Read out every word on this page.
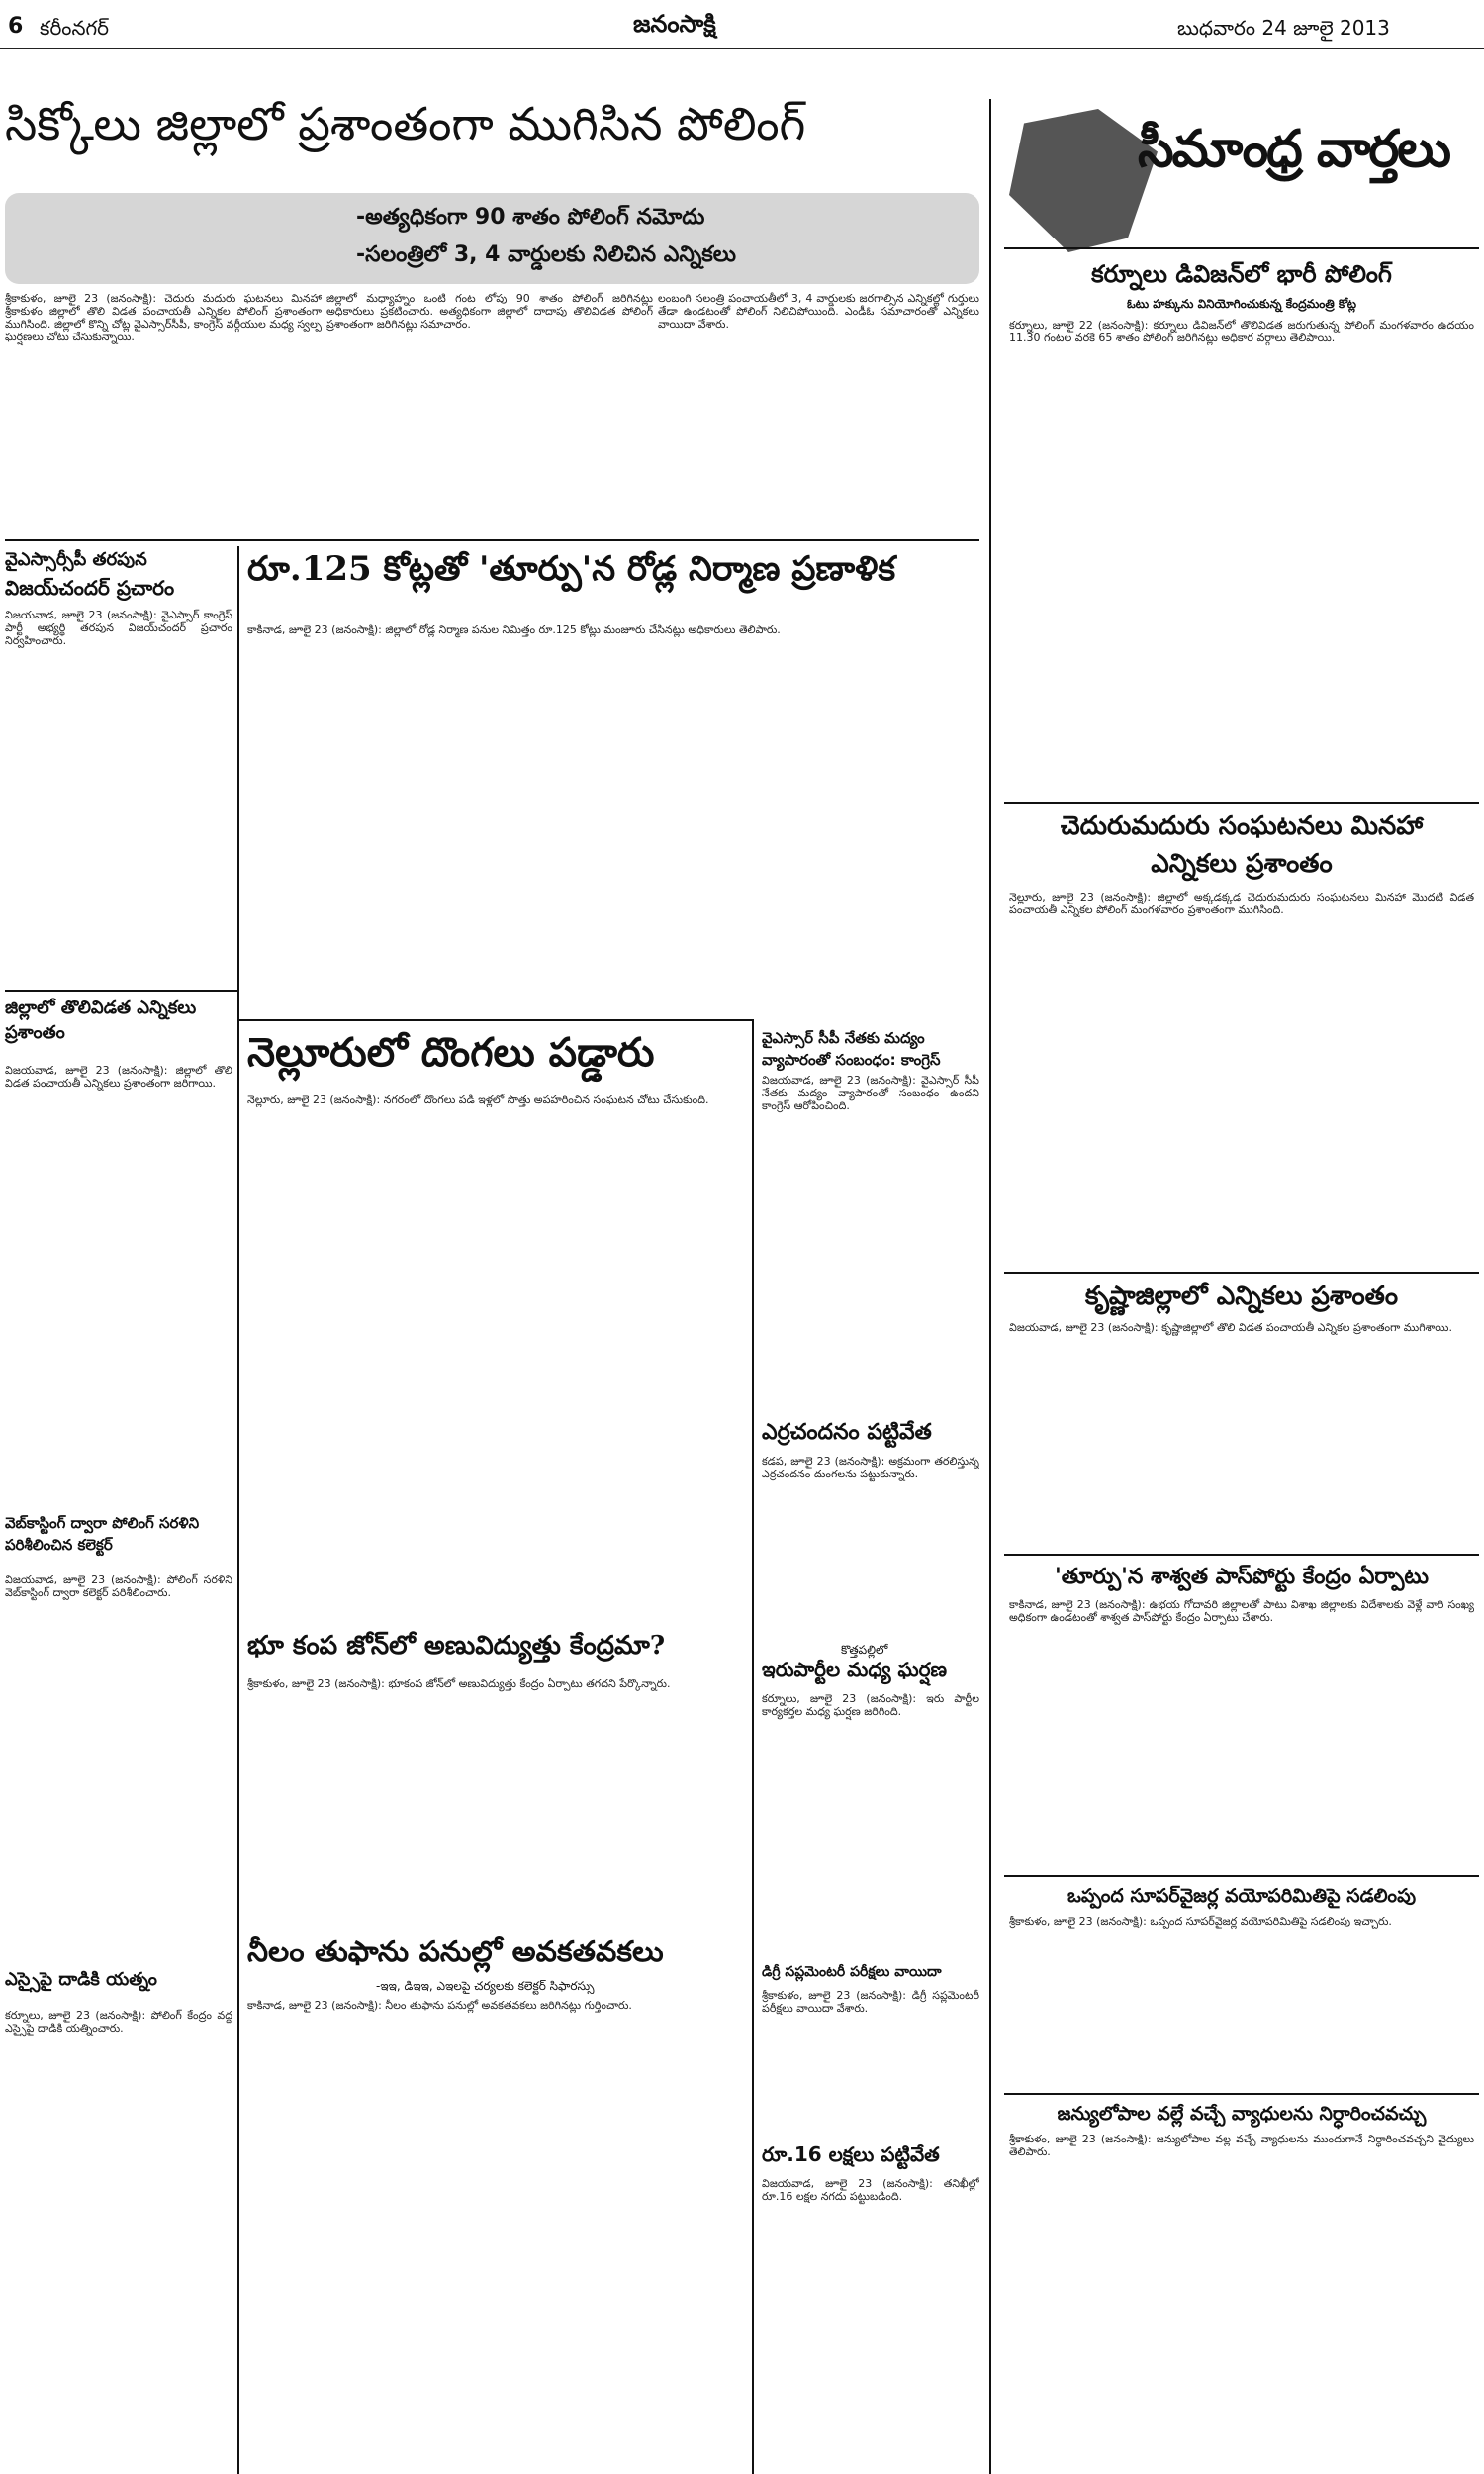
6 కరీంనగర్	జనంసాక్షి	బుధవారం 24 జూలై 2013
సిక్కోలు జిల్లాలో ప్రశాంతంగా ముగిసిన పోలింగ్
-అత్యధికంగా 90 శాతం పోలింగ్ నమోదు
-సలంత్రిలో 3, 4 వార్డులకు నిలిచిన ఎన్నికలు
శ్రీకాకుళం, జూలై 23 (జనంసాక్షి): చెదురు మదురు ఘటనలు మినహా శ్రీకాకుళం జిల్లాలో తొలి విడత పంచాయతీ ఎన్నికల పోలింగ్ ప్రశాంతంగా ముగిసింది. జిల్లాలో కొన్ని చోట్ల వైఎస్సార్‌సీపీ, కాంగ్రెస్ వర్గీయుల మధ్య స్వల్ప ఘర్షణలు చోటు చేసుకున్నాయి.
జిల్లాలో మధ్యాహ్నం ఒంటి గంట లోపు 90 శాతం పోలింగ్ జరిగినట్లు అధికారులు ప్రకటించారు. అత్యధికంగా జిల్లాలో దాదాపు తొలివిడత పోలింగ్ ప్రశాంతంగా జరిగినట్లు సమాచారం.
లంబంగి సలంత్రి పంచాయతీలో 3, 4 వార్డులకు జరగాల్సిన ఎన్నికల్లో గుర్తులు తేడా ఉండటంతో పోలింగ్ నిలిచిపోయింది. ఎండీఓ సమాచారంతో ఎన్నికలు వాయిదా వేశారు.
వైఎస్సార్సీపీ తరపున
విజయ్‌చందర్ ప్రచారం
విజయవాడ, జూలై 23 (జనంసాక్షి): వైఎస్సార్ కాంగ్రెస్ పార్టీ అభ్యర్థి తరపున విజయ్‌చందర్ ప్రచారం నిర్వహించారు.
రూ.125 కోట్లతో 'తూర్పు'న రోడ్ల నిర్మాణ ప్రణాళిక
కాకినాడ, జూలై 23 (జనంసాక్షి): జిల్లాలో రోడ్ల నిర్మాణ పనుల నిమిత్తం రూ.125 కోట్లు మంజూరు చేసినట్లు అధికారులు తెలిపారు.
జిల్లాలో తొలివిడత ఎన్నికలు ప్రశాంతం
విజయవాడ, జూలై 23 (జనంసాక్షి): జిల్లాలో తొలి విడత పంచాయతీ ఎన్నికలు ప్రశాంతంగా జరిగాయి.
వెబ్‌కాస్టింగ్ ద్వారా పోలింగ్ సరళిని పరిశీలించిన కలెక్టర్
విజయవాడ, జూలై 23 (జనంసాక్షి): పోలింగ్ సరళిని వెబ్‌కాస్టింగ్ ద్వారా కలెక్టర్ పరిశీలించారు.
ఎస్సైపై దాడికి యత్నం
కర్నూలు, జూలై 23 (జనంసాక్షి): పోలింగ్ కేంద్రం వద్ద ఎస్సైపై దాడికి యత్నించారు.
నెల్లూరులో దొంగలు పడ్డారు
నెల్లూరు, జూలై 23 (జనంసాక్షి): నగరంలో దొంగలు పడి ఇళ్లలో సొత్తు అపహరించిన సంఘటన చోటు చేసుకుంది.
భూ కంప జోన్‌లో అణువిద్యుత్తు కేంద్రమా?
శ్రీకాకుళం, జూలై 23 (జనంసాక్షి): భూకంప జోన్‌లో అణువిద్యుత్తు కేంద్రం ఏర్పాటు తగదని పేర్కొన్నారు.
నీలం తుఫాను పనుల్లో అవకతవకలు
-ఇఇ, డిఇఇ, ఎఇలపై చర్యలకు కలెక్టర్ సిఫారస్సు
కాకినాడ, జూలై 23 (జనంసాక్షి): నీలం తుఫాను పనుల్లో అవకతవకలు జరిగినట్లు గుర్తించారు.
వైఎస్సార్ సీపీ నేతకు మద్యం వ్యాపారంతో సంబంధం: కాంగ్రెస్
విజయవాడ, జూలై 23 (జనంసాక్షి): వైఎస్సార్ సీపీ నేతకు మద్యం వ్యాపారంతో సంబంధం ఉందని కాంగ్రెస్ ఆరోపించింది.
ఎర్రచందనం పట్టివేత
కడప, జూలై 23 (జనంసాక్షి): అక్రమంగా తరలిస్తున్న ఎర్రచందనం దుంగలను పట్టుకున్నారు.
కొత్తపల్లిలో
ఇరుపార్టీల మధ్య ఘర్షణ
కర్నూలు, జూలై 23 (జనంసాక్షి): ఇరు పార్టీల కార్యకర్తల మధ్య ఘర్షణ జరిగింది.
డిగ్రీ సప్లమెంటరీ పరీక్షలు వాయిదా
శ్రీకాకుళం, జూలై 23 (జనంసాక్షి): డిగ్రీ సప్లమెంటరీ పరీక్షలు వాయిదా వేశారు.
రూ.16 లక్షలు పట్టివేత
విజయవాడ, జూలై 23 (జనంసాక్షి): తనిఖీల్లో రూ.16 లక్షల నగదు పట్టుబడింది.
సీమాంధ్ర వార్తలు
కర్నూలు డివిజన్‌లో భారీ పోలింగ్
ఓటు హక్కును వినియోగించుకున్న కేంద్రమంత్రి కోట్ల
కర్నూలు, జూలై 22 (జనంసాక్షి): కర్నూలు డివిజన్‌లో తొలివిడత జరుగుతున్న పోలింగ్ మంగళవారం ఉదయం 11.30 గంటల వరకే 65 శాతం పోలింగ్ జరిగినట్లు అధికార వర్గాలు తెలిపాయి.
చెదురుమదురు సంఘటనలు మినహా
ఎన్నికలు ప్రశాంతం
నెల్లూరు, జూలై 23 (జనంసాక్షి): జిల్లాలో అక్కడక్కడ చెదురుమదురు సంఘటనలు మినహా మొదటి విడత పంచాయతీ ఎన్నికల పోలింగ్ మంగళవారం ప్రశాంతంగా ముగిసింది.
కృష్ణాజిల్లాలో ఎన్నికలు ప్రశాంతం
విజయవాడ, జూలై 23 (జనంసాక్షి): కృష్ణాజిల్లాలో తొలి విడత పంచాయతీ ఎన్నికల ప్రశాంతంగా ముగిశాయి.
'తూర్పు'న శాశ్వత పాస్‌పోర్టు కేంద్రం ఏర్పాటు
కాకినాడ, జూలై 23 (జనంసాక్షి): ఉభయ గోదావరి జిల్లాలతో పాటు విశాఖ జిల్లాలకు విదేశాలకు వెళ్లే వారి సంఖ్య అధికంగా ఉండటంతో శాశ్వత పాస్‌పోర్టు కేంద్రం ఏర్పాటు చేశారు.
ఒప్పంద సూపర్‌వైజర్ల వయోపరిమితిపై సడలింపు
శ్రీకాకుళం, జూలై 23 (జనంసాక్షి): ఒప్పంద సూపర్‌వైజర్ల వయోపరిమితిపై సడలింపు ఇచ్చారు.
జన్యులోపాల వల్లే వచ్చే వ్యాధులను నిర్ధారించవచ్చు
శ్రీకాకుళం, జూలై 23 (జనంసాక్షి): జన్యులోపాల వల్ల వచ్చే వ్యాధులను ముందుగానే నిర్ధారించవచ్చని వైద్యులు తెలిపారు.
